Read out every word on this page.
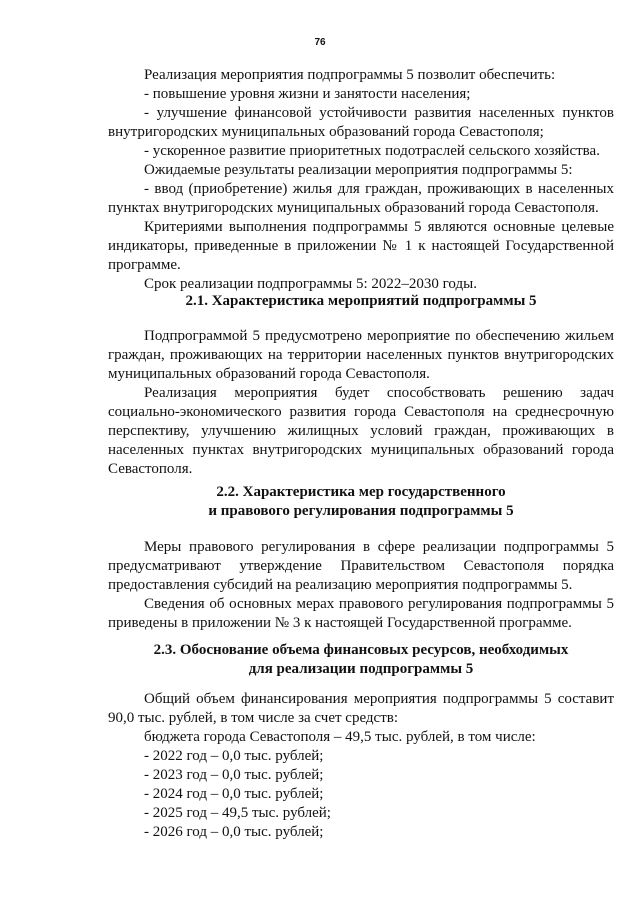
76

Реализация мероприятия подпрограммы 5 позволит обеспечить:

- повышение уровня жизни и занятости населения;

- улучшение финансовой устойчивости развития населенных пунктов внутригородских муниципальных образований города Севастополя;

- ускоренное развитие приоритетных подотраслей сельского хозяйства.

Ожидаемые результаты реализации мероприятия подпрограммы 5:

- ввод (приобретение) жилья для граждан, проживающих в населенных пунктах внутригородских муниципальных образований города Севастополя.

Критериями выполнения подпрограммы 5 являются основные целевые индикаторы, приведенные в приложении № 1 к настоящей Государственной программе.

Срок реализации подпрограммы 5: 2022–2030 годы.

2.1. Характеристика мероприятий подпрограммы 5

Подпрограммой 5 предусмотрено мероприятие по обеспечению жильем граждан, проживающих на территории населенных пунктов внутригородских муниципальных образований города Севастополя.

Реализация мероприятия будет способствовать решению задач социально-экономического развития города Севастополя на среднесрочную перспективу, улучшению жилищных условий граждан, проживающих в населенных пунктах внутригородских муниципальных образований города Севастополя.

2.2. Характеристика мер государственного

и правового регулирования подпрограммы 5

Меры правового регулирования в сфере реализации подпрограммы 5 предусматривают утверждение Правительством Севастополя порядка предоставления субсидий на реализацию мероприятия подпрограммы 5.

Сведения об основных мерах правового регулирования подпрограммы 5 приведены в приложении № 3 к настоящей Государственной программе.

2.3. Обоснование объема финансовых ресурсов, необходимых

для реализации подпрограммы 5

Общий объем финансирования мероприятия подпрограммы 5 составит 90,0 тыс. рублей, в том числе за счет средств:

бюджета города Севастополя – 49,5 тыс. рублей, в том числе:

- 2022 год – 0,0 тыс. рублей;

- 2023 год – 0,0 тыс. рублей;

- 2024 год – 0,0 тыс. рублей;

- 2025 год – 49,5 тыс. рублей;

- 2026 год – 0,0 тыс. рублей;
